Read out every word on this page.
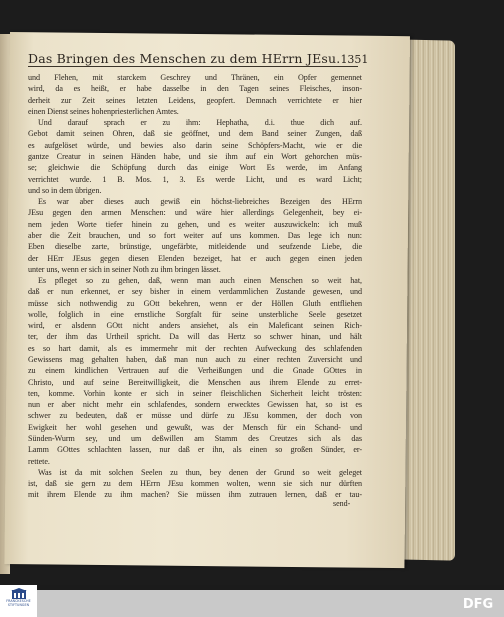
Das Bringen des Menschen zu dem HErrn JEsu. 1351
und Flehen, mit starckem Geschrey und Thränen, ein Opfer gemennet
wird, da es heißt, er habe dasselbe in den Tagen seines Fleisches, inson-
derheit zur Zeit seines letzten Leidens, geopfert. Demnach verrichtete er hier
einen Dienst seines hohenpriesterlichen Amtes.
Und darauf sprach er zu ihm: Hephatha, d.i. thue dich auf.
Gebot damit seinen Ohren, daß sie geöffnet, und dem Band seiner Zungen, daß
es aufgelöset würde, und bewies also darin seine Schöpfers-Macht, wie er die
gantze Creatur in seinen Händen habe, und sie ihm auf ein Wort gehorchen müs-
se; gleichwie die Schöpfung durch das einige Wort Es werde, im Anfang
verrichtet wurde. 1 B. Mos. 1, 3. Es werde Licht, und es ward Licht;
und so in dem übrigen.
Es war aber dieses auch gewiß ein höchst-liebreiches Bezeigen des HErrn
JEsu gegen den armen Menschen: und wäre hier allerdings Gelegenheit, bey ei-
nem jeden Worte tiefer hinein zu gehen, und es weiter auszuwickeln: ich muß
aber die Zeit brauchen, und so fort weiter auf uns kommen. Das lege ich nun:
Eben dieselbe zarte, brünstige, ungefärbte, mitleidende und seufzende Liebe, die
der HErr JEsus gegen diesen Elenden bezeiget, hat er auch gegen einen jeden
unter uns, wenn er sich in seiner Noth zu ihm bringen lässet.
Es pfleget so zu gehen, daß, wenn man auch einen Menschen so weit hat,
daß er nun erkennet, er sey bisher in einem verdammlichen Zustande gewesen, und
müsse sich nothwendig zu GOtt bekehren, wenn er der Höllen Gluth entfliehen
wolle, folglich in eine ernstliche Sorgfalt für seine unsterbliche Seele gesetzet
wird, er alsdenn GOtt nicht anders ansiehet, als ein Maleficant seinen Rich-
ter, der ihm das Urtheil spricht. Da will das Hertz so schwer hinan, und hält
es so hart damit, als es immermehr mit der rechten Aufweckung des schlafenden
Gewissens mag gehalten haben, daß man nun auch zu einer rechten Zuversicht und
zu einem kindlichen Vertrauen auf die Verheißungen und die Gnade GOttes in
Christo, und auf seine Bereitwilligkeit, die Menschen aus ihrem Elende zu erret-
ten, komme. Vorhin konte er sich in seiner fleischlichen Sicherheit leicht trösten:
nun er aber nicht mehr ein schlafendes, sondern erwecktes Gewissen hat, so ist es
schwer zu bedeuten, daß er müsse und dürfe zu JEsu kommen, der doch von
Ewigkeit her wohl gesehen und gewußt, was der Mensch für ein Schand- und
Sünden-Wurm sey, und um deßwillen am Stamm des Creutzes sich als das
Lamm GOttes schlachten lassen, nur daß er ihn, als einen so großen Sünder, er-
rettete.
Was ist da mit solchen Seelen zu thun, bey denen der Grund so weit geleget
ist, daß sie gern zu dem HErrn JEsu kommen wolten, wenn sie sich nur dürften
mit ihrem Elende zu ihm machen? Sie müssen ihm zutrauen lernen, daß er tau-
send-
FRANCKESCHE STIFTUNGEN	DFG
